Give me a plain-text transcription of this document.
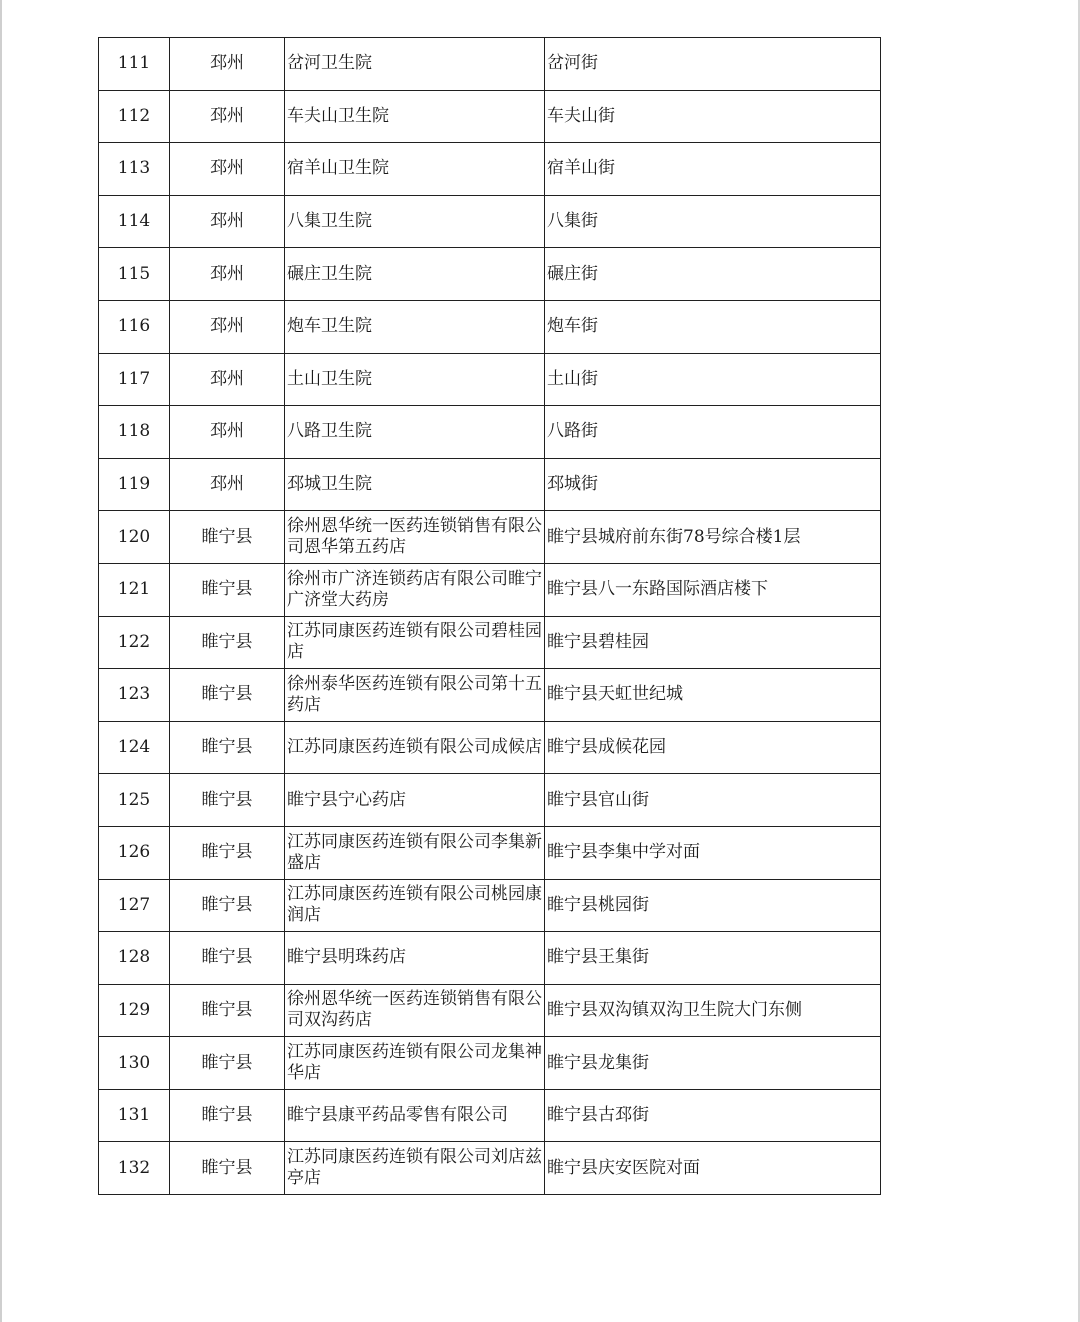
111	邳州	岔河卫生院	岔河街
112	邳州	车夫山卫生院	车夫山街
113	邳州	宿羊山卫生院	宿羊山街
114	邳州	八集卫生院	八集街
115	邳州	碾庄卫生院	碾庄街
116	邳州	炮车卫生院	炮车街
117	邳州	土山卫生院	土山街
118	邳州	八路卫生院	八路街
119	邳州	邳城卫生院	邳城街
120	睢宁县	徐州恩华统一医药连锁销售有限公司恩华第五药店	睢宁县城府前东街78号综合楼1层
121	睢宁县	徐州市广济连锁药店有限公司睢宁广济堂大药房	睢宁县八一东路国际酒店楼下
122	睢宁县	江苏同康医药连锁有限公司碧桂园店	睢宁县碧桂园
123	睢宁县	徐州泰华医药连锁有限公司第十五药店	睢宁县天虹世纪城
124	睢宁县	江苏同康医药连锁有限公司成候店	睢宁县成候花园
125	睢宁县	睢宁县宁心药店	睢宁县官山街
126	睢宁县	江苏同康医药连锁有限公司李集新盛店	睢宁县李集中学对面
127	睢宁县	江苏同康医药连锁有限公司桃园康润店	睢宁县桃园街
128	睢宁县	睢宁县明珠药店	睢宁县王集街
129	睢宁县	徐州恩华统一医药连锁销售有限公司双沟药店	睢宁县双沟镇双沟卫生院大门东侧
130	睢宁县	江苏同康医药连锁有限公司龙集神华店	睢宁县龙集街
131	睢宁县	睢宁县康平药品零售有限公司	睢宁县古邳街
132	睢宁县	江苏同康医药连锁有限公司刘店兹亭店	睢宁县庆安医院对面
